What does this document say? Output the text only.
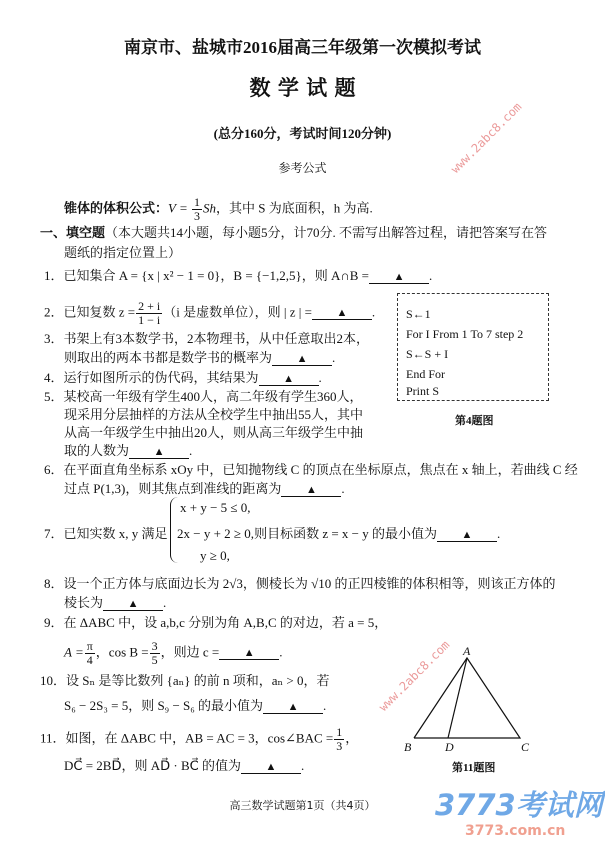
南京市、盐城市2016届高三年级第一次模拟考试
数 学 试 题
(总分160分，考试时间120分钟)
参考公式
锥体的体积公式：$V = \frac{1}{3}$ Sh，其中 S 为底面积，h 为高.
一、填空题（本大题共14小题，每小题5分，计70分. 不需写出解答过程，请把答案写在答
题纸的指定位置上）
1．已知集合 A = {x | x² − 1 = 0}，B = {−1,2,5}，则 A∩B = ▲ .
2．已知复数 $z = \frac{2 + i}{1 - i} (i$ 是虚数单位），则 | z | = ▲ .
3．书架上有3本数学书，2本物理书，从中任意取出2本，
则取出的两本书都是数学书的概率为 ▲ .
4．运行如图所示的伪代码，其结果为 ▲ .
5．某校高一年级有学生400人，高二年级有学生360人，
现采用分层抽样的方法从全校学生中抽出55人，其中
从高一年级学生中抽出20人，则从高三年级学生中抽
取的人数为 ▲ .
6．在平面直角坐标系 xOy 中，已知抛物线 C 的顶点在坐标原点，焦点在 x 轴上，若曲线 C 经
过点 P(1,3)，则其焦点到准线的距离为 ▲ .
7．已知实数 x, y 满足
x + y − 5 ≤ 0,
2x − y + 2 ≥ 0,则目标函数 z = x − y 的最小值为 ▲ .
y ≥ 0,
8．设一个正方体与底面边长为 2√3，侧棱长为 √10 的正四棱锥的体积相等，则该正方体的
棱长为 ▲ .
9．在 ΔABC 中，设 a,b,c 分别为角 A,B,C 的对边，若 a = 5，
$A = \frac{\pi}{4}$ ，$\cos B = \frac{3}{5}$ ，则边 c = ▲ .
10．设 Sₙ 是等比数列 {aₙ} 的前 n 项和，aₙ > 0，若
S₆ − 2S₃ = 5，则 S₉ − S₆ 的最小值为 ▲ .
11．如图，在 ΔABC 中，AB = AC = 3，cos∠BAC = $\frac{1}{3}$ ，
DC⃗ = 2BD⃗，则 AD⃗ · BC⃗ 的值为 ▲ .
S←1
For I From 1 To 7 step 2
S←S + I
End For
Print S
第4题图
A
B	D	C
第11题图
高三数学试题第1页（共4页）
www.2abc8.com
www.2abc8.com
3773考试网
3773.com.cn
